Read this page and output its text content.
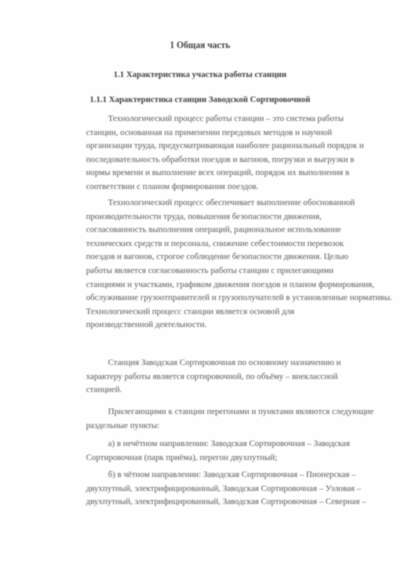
1 Общая часть
1.1 Характеристика участка работы станции
1.1.1 Характеристика станции Заводской Сортировочной
Технологический процесс работы станции – это система работы
станции, основанная на применении передовых методов и научной
организации труда, предусматривающая наиболее рациональный порядок и
последовательность обработки поездов и вагонов, погрузки и выгрузки в
нормы времени и выполнение всех операций, порядок их выполнения в
соответствии с планом формирования поездов.
Технологический процесс обеспечивает выполнение обоснованной
производительности труда, повышения безопасности движения,
согласованность выполнения операций, рациональное использование
технических средств и персонала, снижение себестоимости перевозок
поездов и вагонов, строгое соблюдение безопасности движения. Целью
работы является согласованность работы станции с прилегающими
станциями и участками, графиком движения поездов и планом формирования,
обслуживание грузоотправителей и грузополучателей в установленные нормативы.
Технологический процесс станции является основой для
производственной деятельности.
Станция Заводская Сортировочная по основному назначению и
характеру работы является сортировочной, по объёму – внеклассной
станцией.
Прилегающими к станции перегонами и пунктами являются следующие
раздельные пункты:
а) в нечётном направлении: Заводская Сортировочная – Заводская
Сортировочная (парк приёма), перегон двухпутный;
б) в чётном направлении: Заводская Сортировочная – Пионерская –
двухпутный, электрифицированный, Заводская Сортировочная – Узловая –
двухпутный, электрифицированный, Заводская Сортировочная – Северная –
